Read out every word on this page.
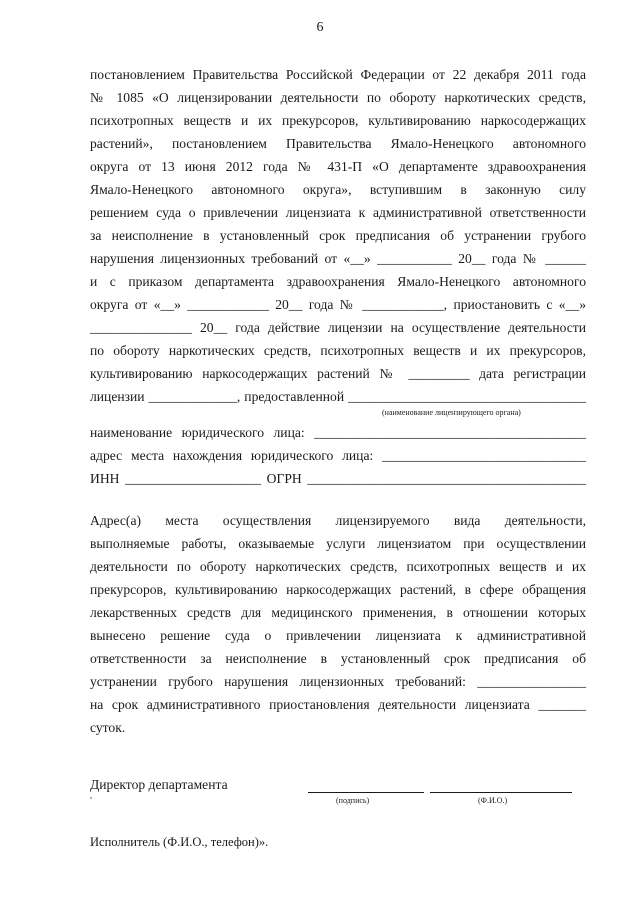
6
постановлением Правительства Российской Федерации от 22 декабря 2011 года
№ 1085 «О лицензировании деятельности по обороту наркотических средств,
психотропных веществ и их прекурсоров, культивированию наркосодержащих
растений», постановлением Правительства Ямало-Ненецкого автономного
округа от 13 июня 2012 года № 431-П «О департаменте здравоохранения
Ямало-Ненецкого автономного округа», вступившим в законную силу
решением суда о привлечении лицензиата к административной ответственности
за неисполнение в установленный срок предписания об устранении грубого
нарушения лицензионных требований от «__» ___________ 20__ года № ______
и с приказом департамента здравоохранения Ямало-Ненецкого автономного
округа от «__» ____________ 20__ года № ____________, приостановить с «__»
_______________ 20__ года действие лицензии на осуществление деятельности
по обороту наркотических средств, психотропных веществ и их прекурсоров,
культивированию наркосодержащих растений № _________ дата регистрации
лицензии _____________, предоставленной ___________________________________
(наименование лицензирующего органа)
наименование юридического лица: ________________________________________
адрес места нахождения юридического лица: ______________________________
ИНН ____________________ ОГРН _________________________________________
Адрес(а) места осуществления лицензируемого вида деятельности,
выполняемые работы, оказываемые услуги лицензиатом при осуществлении
деятельности по обороту наркотических средств, психотропных веществ и их
прекурсоров, культивированию наркосодержащих растений, в сфере обращения
лекарственных средств для медицинского применения, в отношении которых
вынесено решение суда о привлечении лицензиата к административной
ответственности за неисполнение в установленный срок предписания об
устранении грубого нарушения лицензионных требований: ________________
на срок административного приостановления деятельности лицензиата _______
суток.
Директор департамента
(подпись)	(Ф.И.О.)
Исполнитель (Ф.И.О., телефон)».
